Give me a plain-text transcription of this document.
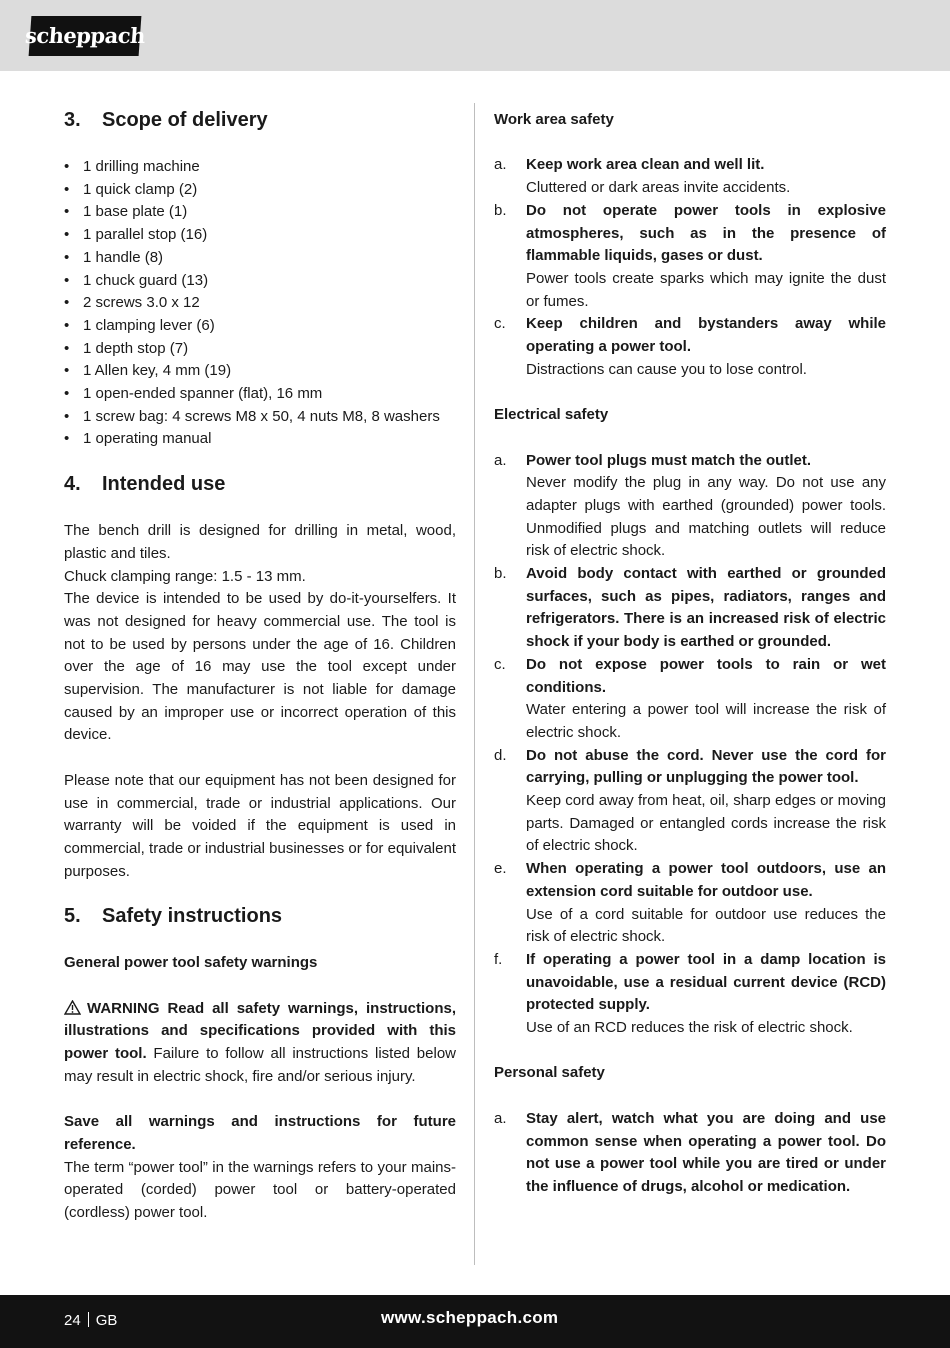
scheppach
3.	Scope of delivery
• 1 drilling machine
• 1 quick clamp (2)
• 1 base plate (1)
• 1 parallel stop (16)
• 1 handle (8)
• 1 chuck guard (13)
• 2 screws 3.0 x 12
• 1 clamping lever (6)
• 1 depth stop (7)
• 1 Allen key, 4 mm (19)
• 1 open-ended spanner (flat), 16 mm
• 1 screw bag: 4 screws M8 x 50, 4 nuts M8, 8 washers
• 1 operating manual
4.	Intended use

The bench drill is designed for drilling in metal, wood, plastic and tiles.

Chuck clamping range: 1.5 - 13 mm.

The device is intended to be used by do-it-yourselfers. It was not designed for heavy commercial use. The tool is not to be used by persons under the age of 16. Children over the age of 16 may use the tool except under supervision. The manufacturer is not liable for damage caused by an improper use or incorrect operation of this device.

Please note that our equipment has not been designed for use in commercial, trade or industrial applications. Our warranty will be voided if the equipment is used in commercial, trade or industrial businesses or for equivalent purposes.

5.	Safety instructions

General power tool safety warnings

WARNING Read all safety warnings, instructions, illustrations and specifications provided with this power tool. Failure to follow all instructions listed below may result in electric shock, fire and/or serious injury.

Save all warnings and instructions for future reference.

The term “power tool” in the warnings refers to your mains-operated (corded) power tool or battery-operated (cordless) power tool.

Work area safety

a. Keep work area clean and well lit.
Cluttered or dark areas invite accidents.
b. Do not operate power tools in explosive atmospheres, such as in the presence of flammable liquids, gases or dust.
Power tools create sparks which may ignite the dust or fumes.
c. Keep children and bystanders away while operating a power tool.
Distractions can cause you to lose control.

Electrical safety

a. Power tool plugs must match the outlet.
Never modify the plug in any way. Do not use any adapter plugs with earthed (grounded) power tools. Unmodified plugs and matching outlets will reduce risk of electric shock.
b. Avoid body contact with earthed or grounded surfaces, such as pipes, radiators, ranges and refrigerators. There is an increased risk of electric shock if your body is earthed or grounded.
c. Do not expose power tools to rain or wet conditions.
Water entering a power tool will increase the risk of electric shock.
d. Do not abuse the cord. Never use the cord for carrying, pulling or unplugging the power tool.
Keep cord away from heat, oil, sharp edges or moving parts. Damaged or entangled cords increase the risk of electric shock.
e. When operating a power tool outdoors, use an extension cord suitable for outdoor use.
Use of a cord suitable for outdoor use reduces the risk of electric shock.
f. If operating a power tool in a damp location is unavoidable, use a residual current device (RCD) protected supply.
Use of an RCD reduces the risk of electric shock.

Personal safety

a. Stay alert, watch what you are doing and use common sense when operating a power tool. Do not use a power tool while you are tired or under the influence of drugs, alcohol or medication.
24 GB	www.scheppach.com
